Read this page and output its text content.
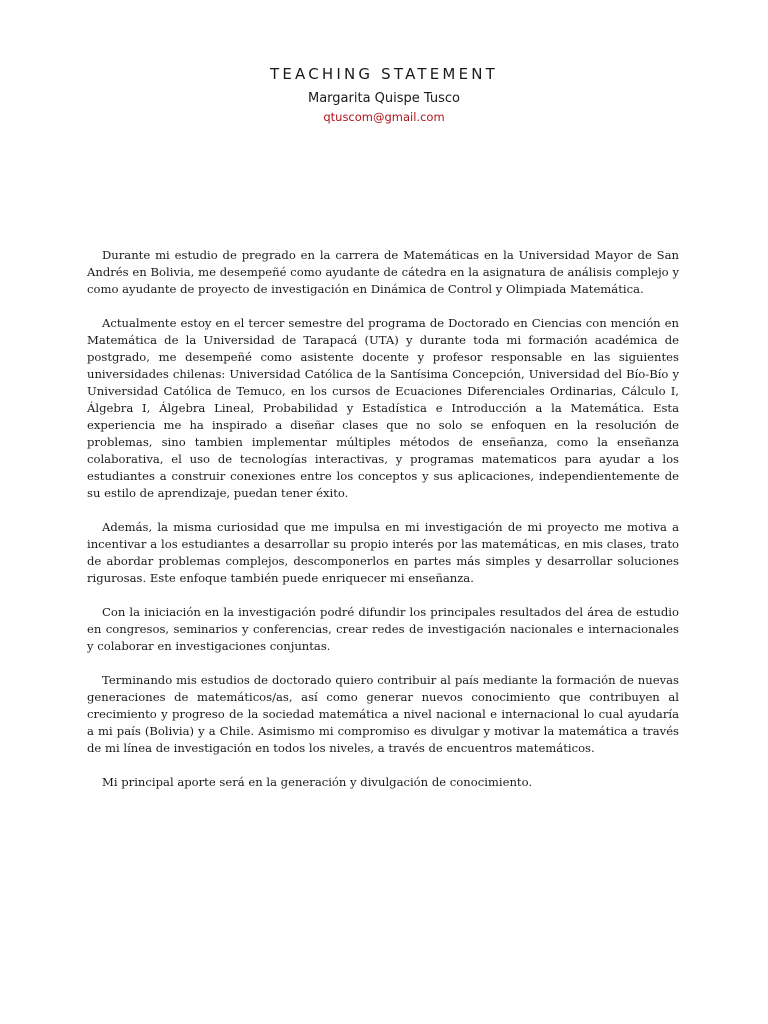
TEACHING STATEMENT
Margarita Quispe Tusco
qtuscom@gmail.com

Durante mi estudio de pregrado en la carrera de Matemáticas en la Universidad Mayor de San Andrés en Bolivia, me desempeñé como ayudante de cátedra en la asignatura de análisis complejo y como ayudante de proyecto de investigación en Dinámica de Control y Olimpiada Matemática.

Actualmente estoy en el tercer semestre del programa de Doctorado en Ciencias con mención en Matemática de la Universidad de Tarapacá (UTA) y durante toda mi formación académica de postgrado, me desempeñé como asistente docente y profesor responsable en las siguientes universidades chilenas: Universidad Católica de la Santísima Concepción, Universidad del Bío-Bío y Universidad Católica de Temuco, en los cursos de Ecuaciones Diferenciales Ordinarias, Cálculo I, Álgebra I, Álgebra Lineal, Probabilidad y Estadística e Introducción a la Matemática. Esta experiencia me ha inspirado a diseñar clases que no solo se enfoquen en la resolución de problemas, sino tambien implementar múltiples métodos de enseñanza, como la enseñanza colaborativa, el uso de tecnologías interactivas, y programas matematicos para ayudar a los estudiantes a construir conexiones entre los conceptos y sus aplicaciones, independientemente de su estilo de aprendizaje, puedan tener éxito.

Además, la misma curiosidad que me impulsa en mi investigación de mi proyecto me motiva a incentivar a los estudiantes a desarrollar su propio interés por las matemáticas, en mis clases, trato de abordar problemas complejos, descomponerlos en partes más simples y desarrollar soluciones rigurosas. Este enfoque también puede enriquecer mi enseñanza.

Con la iniciación en la investigación podré difundir los principales resultados del área de estudio en congresos, seminarios y conferencias, crear redes de investigación nacionales e internacionales y colaborar en investigaciones conjuntas.

Terminando mis estudios de doctorado quiero contribuir al país mediante la formación de nuevas generaciones de matemáticos/as, así como generar nuevos conocimiento que contribuyen al crecimiento y progreso de la sociedad matemática a nivel nacional e internacional lo cual ayudaría a mi país (Bolivia) y a Chile. Asimismo mi compromiso es divulgar y motivar la matemática a través de mi línea de investigación en todos los niveles, a través de encuentros matemáticos.

Mi principal aporte será en la generación y divulgación de conocimiento.
